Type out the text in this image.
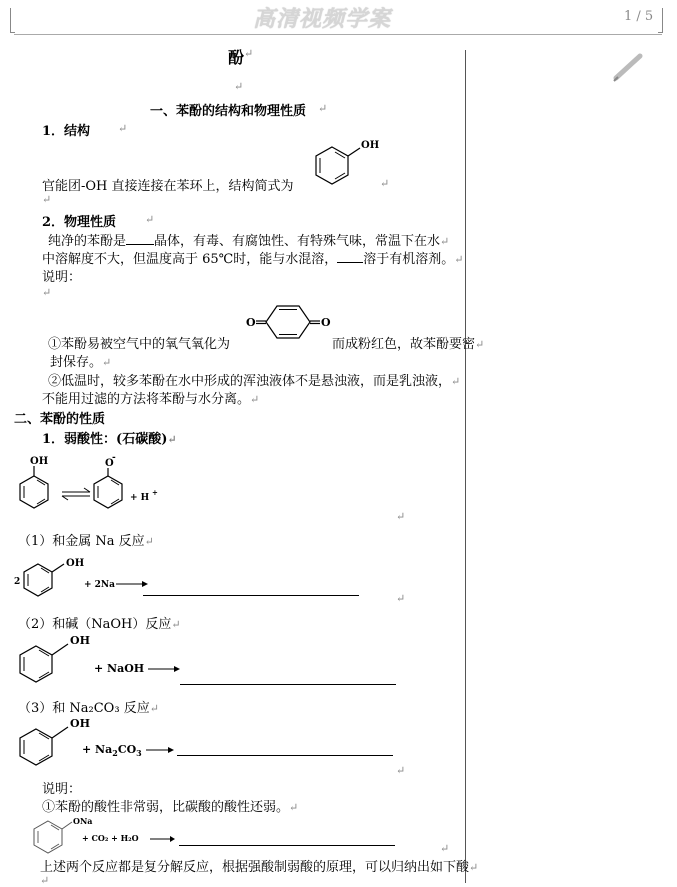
高清视频学案	1 / 5
酚 ↵
↵
一、苯酚的结构和物理性质 ↵
1．结构	↵
官能团-OH 直接连接在苯环上，结构简式为	↵
↵
OH
2．物理性质	↵
纯净的苯酚是 晶体，有毒、有腐蚀性、有特殊气味，常温下在水↵
中溶解度不大，但温度高于 65℃时，能与水混溶， 溶于有机溶剂。↵
说明：
↵
O	O
①苯酚易被空气中的氧气氧化为	而成粉红色，故苯酚要密↵
封保存。↵
②低温时，较多苯酚在水中形成的浑浊液体不是悬浊液，而是乳浊液，↵
不能用过滤的方法将苯酚与水分离。↵
二、苯酚的性质
1．弱酸性：(石碳酸)↵
OH	O
-
+ H
+
↵
（1）和金属 Na 反应↵
2
OH
+ 2Na
↵
（2）和碱（NaOH）反应↵
OH
+ NaOH
（3）和 Na₂CO₃ 反应↵
OH
+ $Na_2CO_3$
↵
说明：
①苯酚的酸性非常弱，比碳酸的酸性还弱。↵
ONa
+ CO₂ + H₂O
↵
上述两个反应都是复分解反应，根据强酸制弱酸的原理，可以归纳出如下酸↵
↵
